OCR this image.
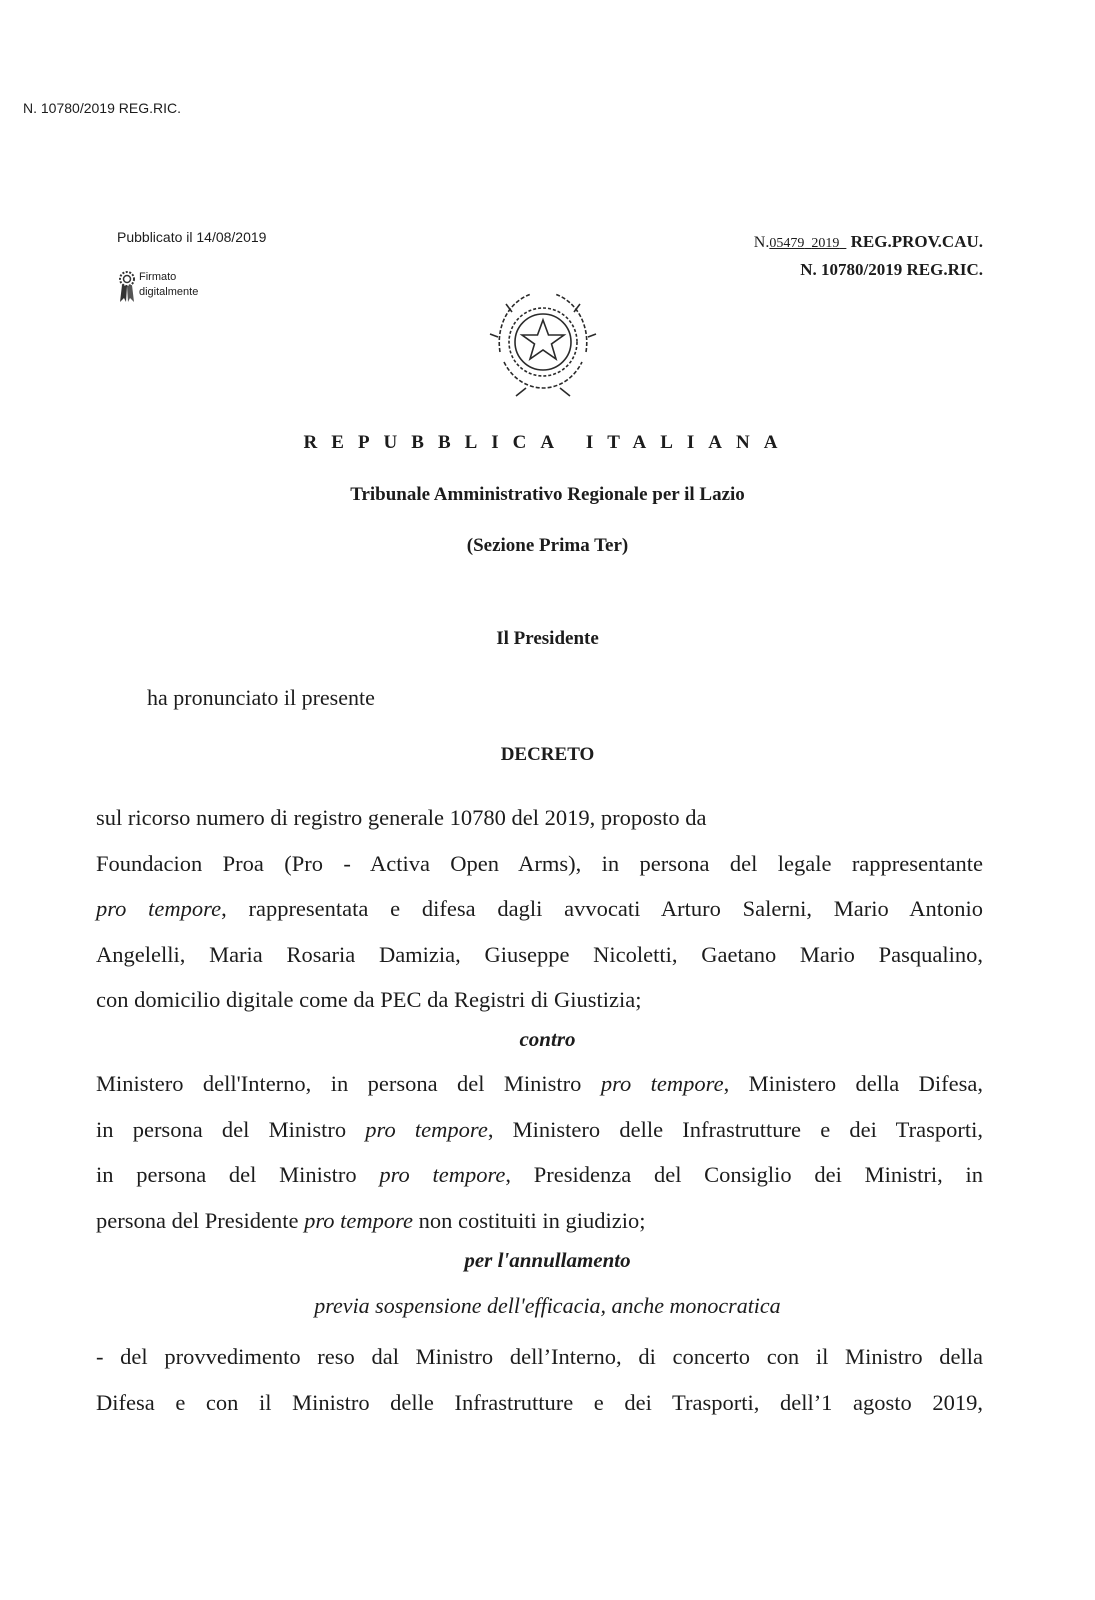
N. 10780/2019 REG.RIC.
Pubblicato il 14/08/2019
Firmato
digitalmente
N.05479 2019 REG.PROV.CAU.
N. 10780/2019 REG.RIC.
REPUBBLICA ITALIANA
Tribunale Amministrativo Regionale per il Lazio
(Sezione Prima Ter)
Il Presidente
ha pronunciato il presente
DECRETO
sul ricorso numero di registro generale 10780 del 2019, proposto da
Foundacion Proa (Pro - Activa Open Arms), in persona del legale rappresentante
pro tempore, rappresentata e difesa dagli avvocati Arturo Salerni, Mario Antonio
Angelelli, Maria Rosaria Damizia, Giuseppe Nicoletti, Gaetano Mario Pasqualino,
con domicilio digitale come da PEC da Registri di Giustizia;
contro
Ministero dell'Interno, in persona del Ministro pro tempore, Ministero della Difesa,
in persona del Ministro pro tempore, Ministero delle Infrastrutture e dei Trasporti,
in persona del Ministro pro tempore, Presidenza del Consiglio dei Ministri, in
persona del Presidente pro tempore non costituiti in giudizio;
per l'annullamento
previa sospensione dell'efficacia, anche monocratica
- del provvedimento reso dal Ministro dell’Interno, di concerto con il Ministro della
Difesa e con il Ministro delle Infrastrutture e dei Trasporti, dell’1 agosto 2019,
